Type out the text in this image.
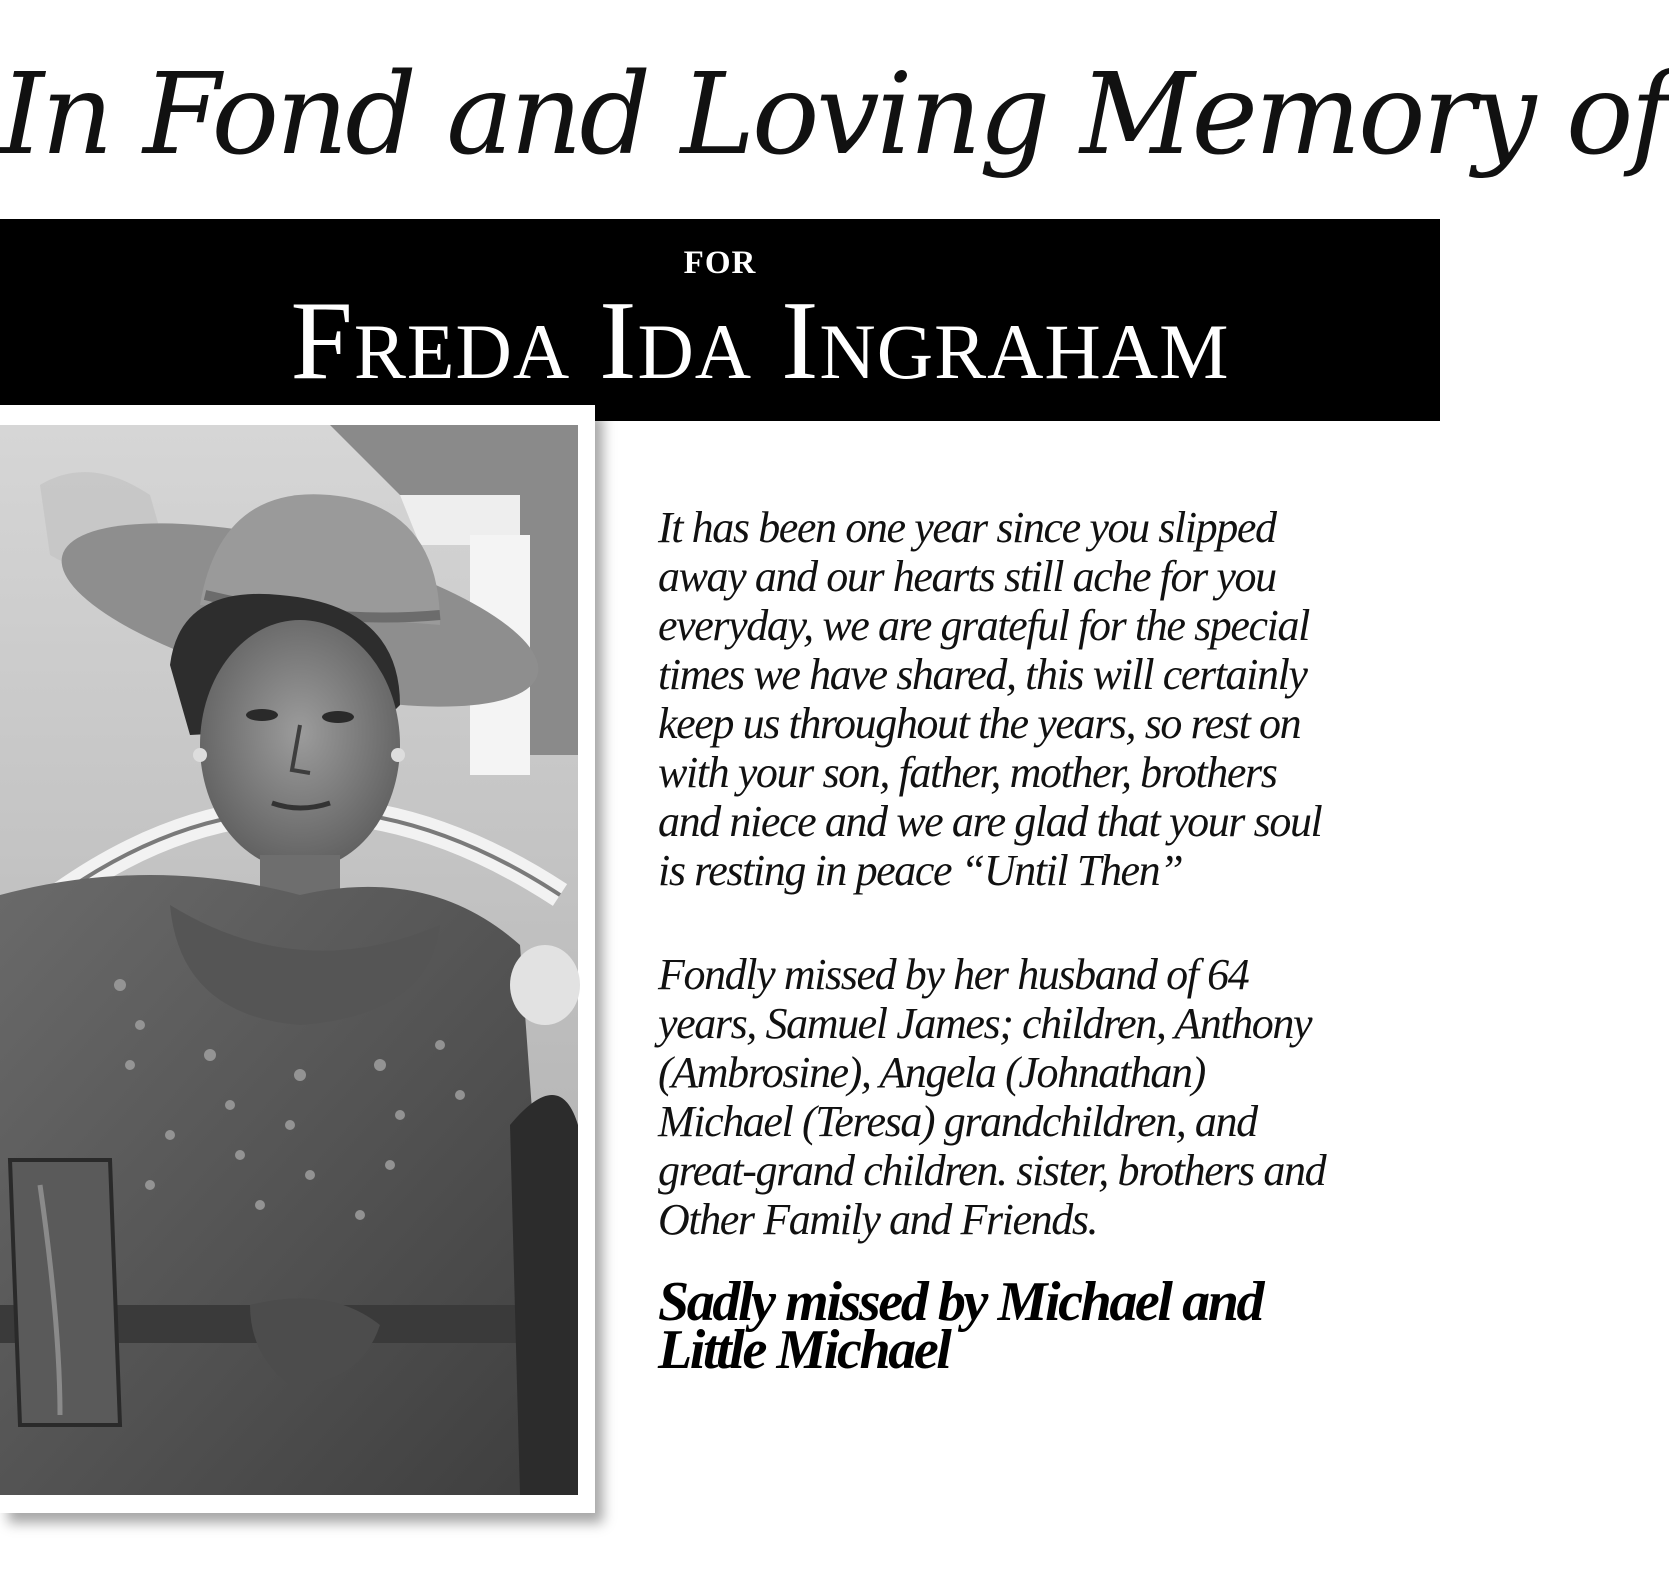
In Fond and Loving Memory of
FOR
Freda Ida Ingraham

It has been one year since you slipped
away and our hearts still ache for you
everyday, we are grateful for the special
times we have shared, this will certainly
keep us throughout the years, so rest on
with your son, father, mother, brothers
and niece and we are glad that your soul
is resting in peace “Until Then”

Fondly missed by her husband of 64
years, Samuel James; children, Anthony
(Ambrosine), Angela (Johnathan)
Michael (Teresa) grandchildren, and
great-grand children. sister, brothers and
Other Family and Friends.

Sadly missed by Michael and
Little Michael
